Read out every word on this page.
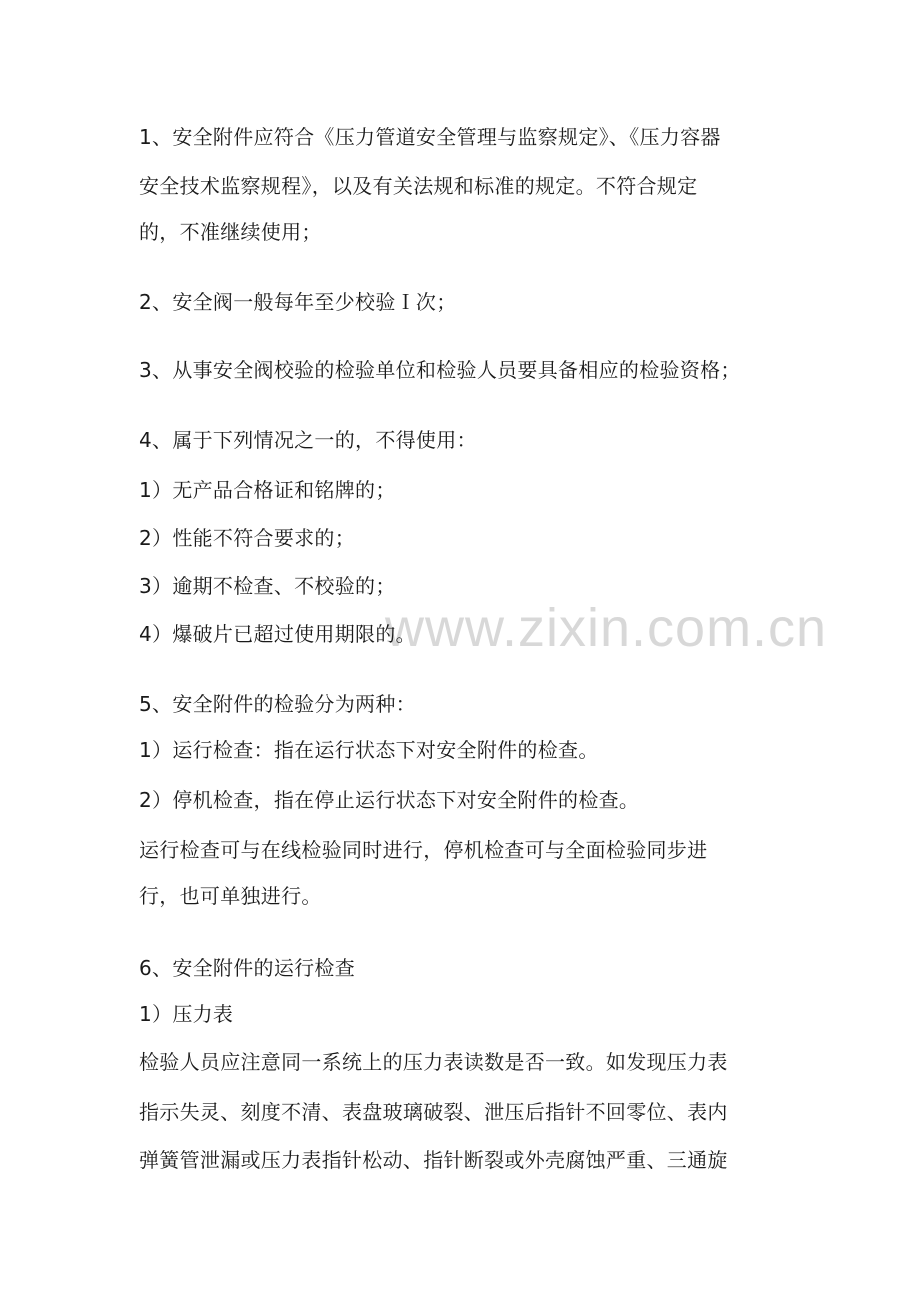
www.zixin.com.cn
1、安全附件应符合《压力管道安全管理与监察规定》、《压力容器
安全技术监察规程》，以及有关法规和标准的规定。不符合规定
的，不准继续使用；
2、安全阀一般每年至少校验Ｉ次；
3、从事安全阀校验的检验单位和检验人员要具备相应的检验资格；
4、属于下列情况之一的，不得使用：
1）无产品合格证和铭牌的；
2）性能不符合要求的；
3）逾期不检查、不校验的；
4）爆破片已超过使用期限的。
5、安全附件的检验分为两种：
1）运行检查：指在运行状态下对安全附件的检查。
2）停机检查，指在停止运行状态下对安全附件的检查。
运行检查可与在线检验同时进行，停机检查可与全面检验同步进
行，也可单独进行。
6、安全附件的运行检查
1）压力表
检验人员应注意同一系统上的压力表读数是否一致。如发现压力表
指示失灵、刻度不清、表盘玻璃破裂、泄压后指针不回零位、表内
弹簧管泄漏或压力表指针松动、指针断裂或外壳腐蚀严重、三通旋
